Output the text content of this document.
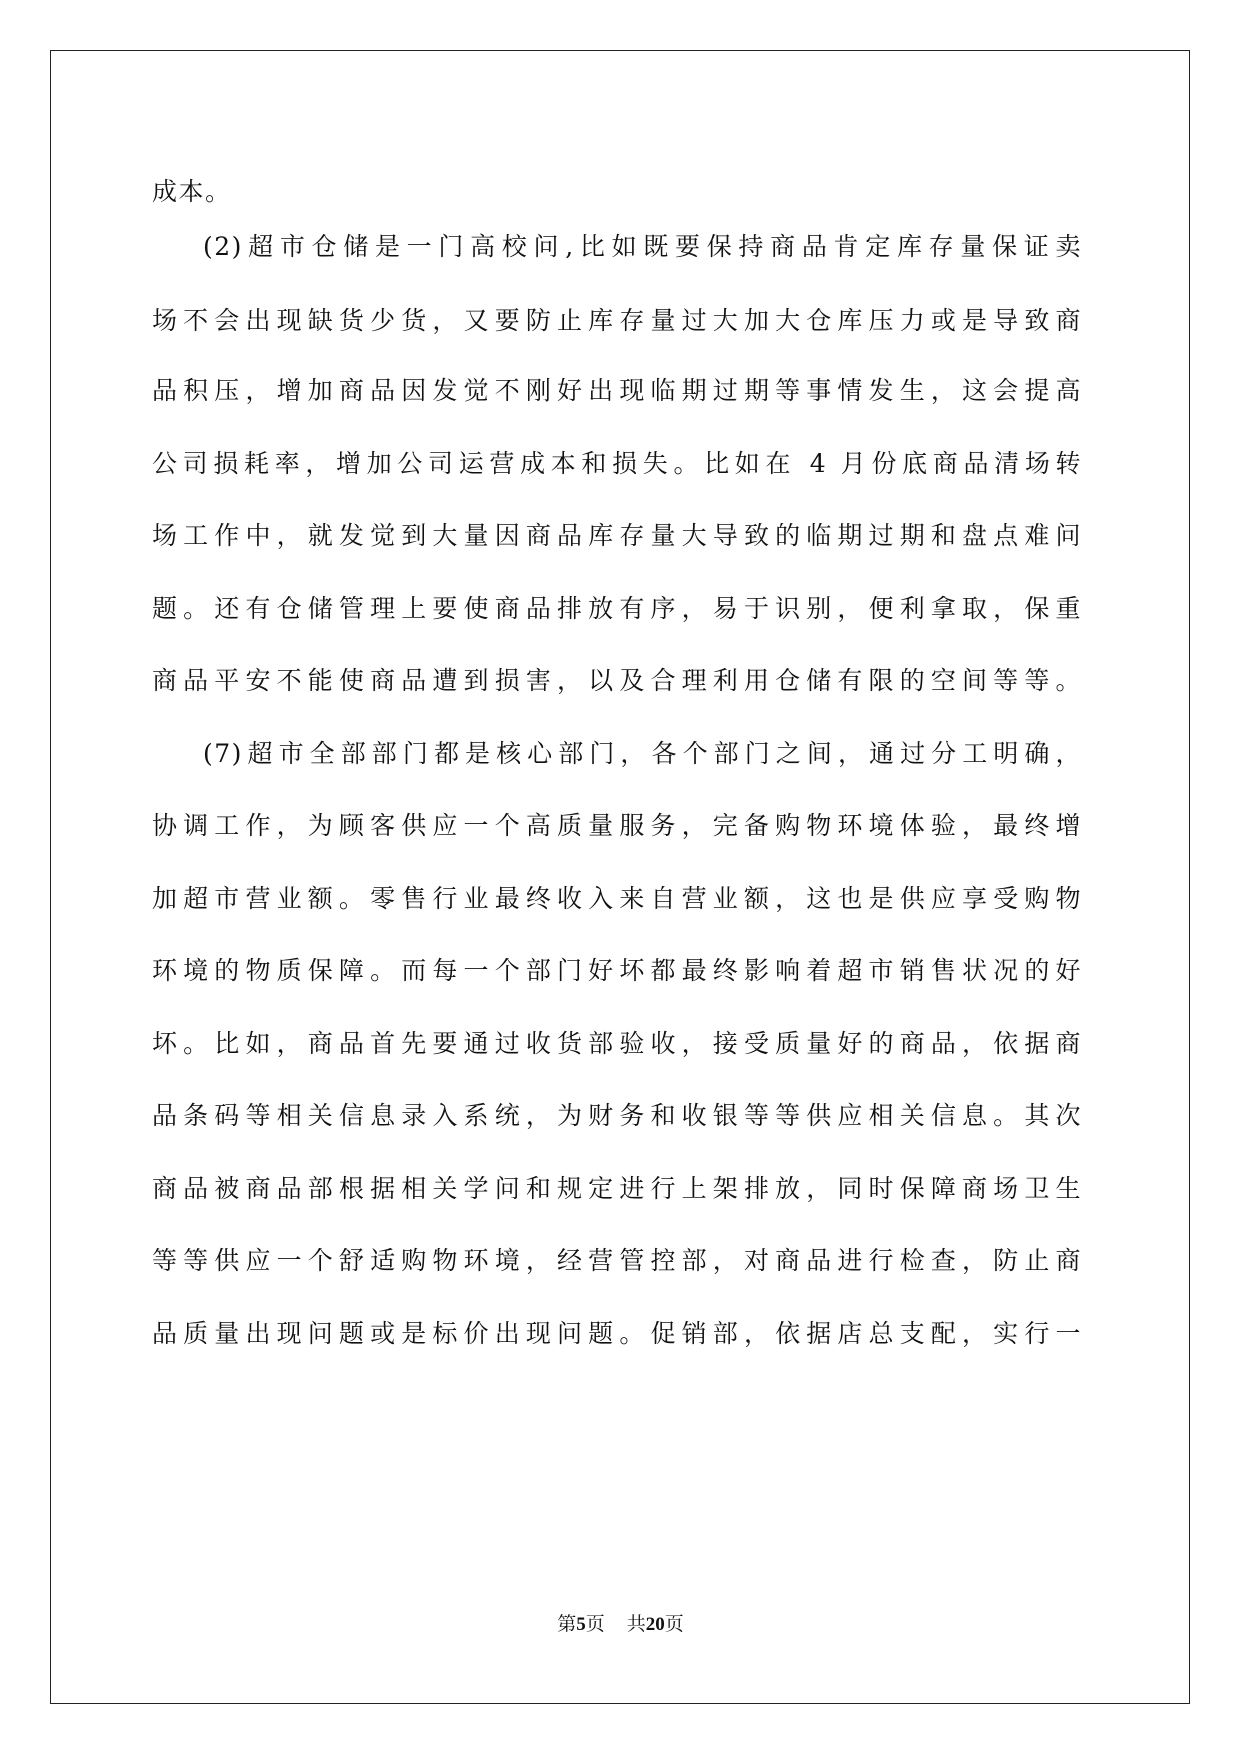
成本。
(2)超市仓储是一门高校问,比如既要保持商品肯定库存量保证卖
场不会出现缺货少货，又要防止库存量过大加大仓库压力或是导致商
品积压，增加商品因发觉不刚好出现临期过期等事情发生，这会提高
公司损耗率，增加公司运营成本和损失。比如在 4 月份底商品清场转
场工作中，就发觉到大量因商品库存量大导致的临期过期和盘点难问
题。还有仓储管理上要使商品排放有序，易于识别，便利拿取，保重
商品平安不能使商品遭到损害，以及合理利用仓储有限的空间等等。
(7)超市全部部门都是核心部门，各个部门之间，通过分工明确，
协调工作，为顾客供应一个高质量服务，完备购物环境体验，最终增
加超市营业额。零售行业最终收入来自营业额，这也是供应享受购物
环境的物质保障。而每一个部门好坏都最终影响着超市销售状况的好
坏。比如，商品首先要通过收货部验收，接受质量好的商品，依据商
品条码等相关信息录入系统，为财务和收银等等供应相关信息。其次
商品被商品部根据相关学问和规定进行上架排放，同时保障商场卫生
等等供应一个舒适购物环境，经营管控部，对商品进行检查，防止商
品质量出现问题或是标价出现问题。促销部，依据店总支配，实行一
第5页 共20页
